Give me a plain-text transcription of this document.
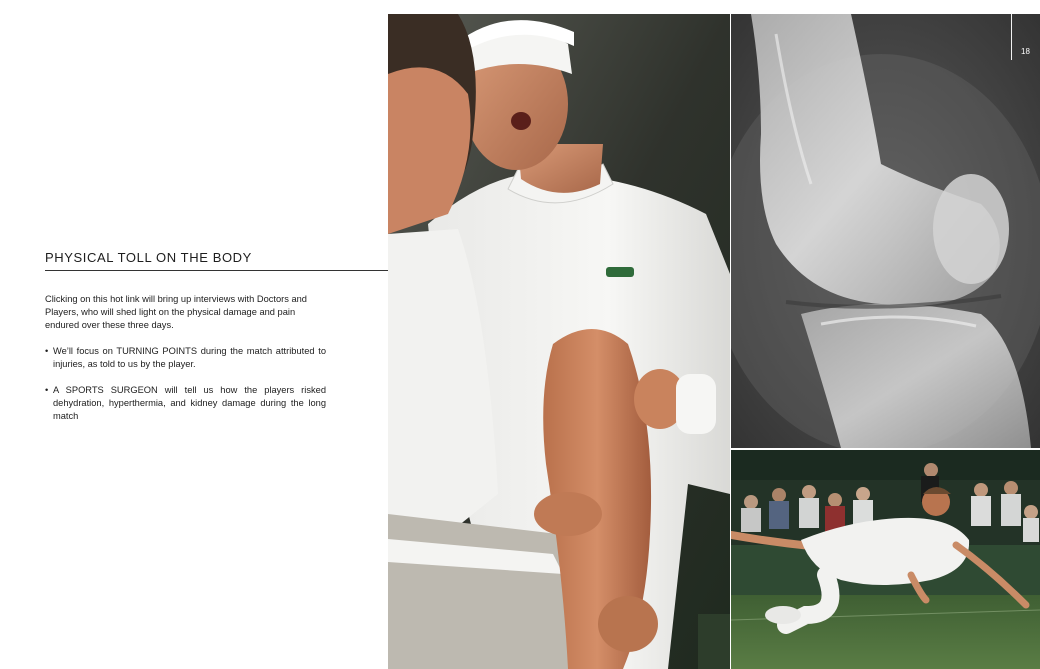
PHYSICAL TOLL ON THE BODY

Clicking on this hot link will bring up interviews with Doctors and Players, who will shed light on the physical damage and pain endured over these three days.

• We’ll focus on TURNING POINTS during the match attributed to injuries, as told to us by the player.
• A SPORTS SURGEON will tell us how the players risked dehydration, hyperthermia, and kidney damage during the long match
18
